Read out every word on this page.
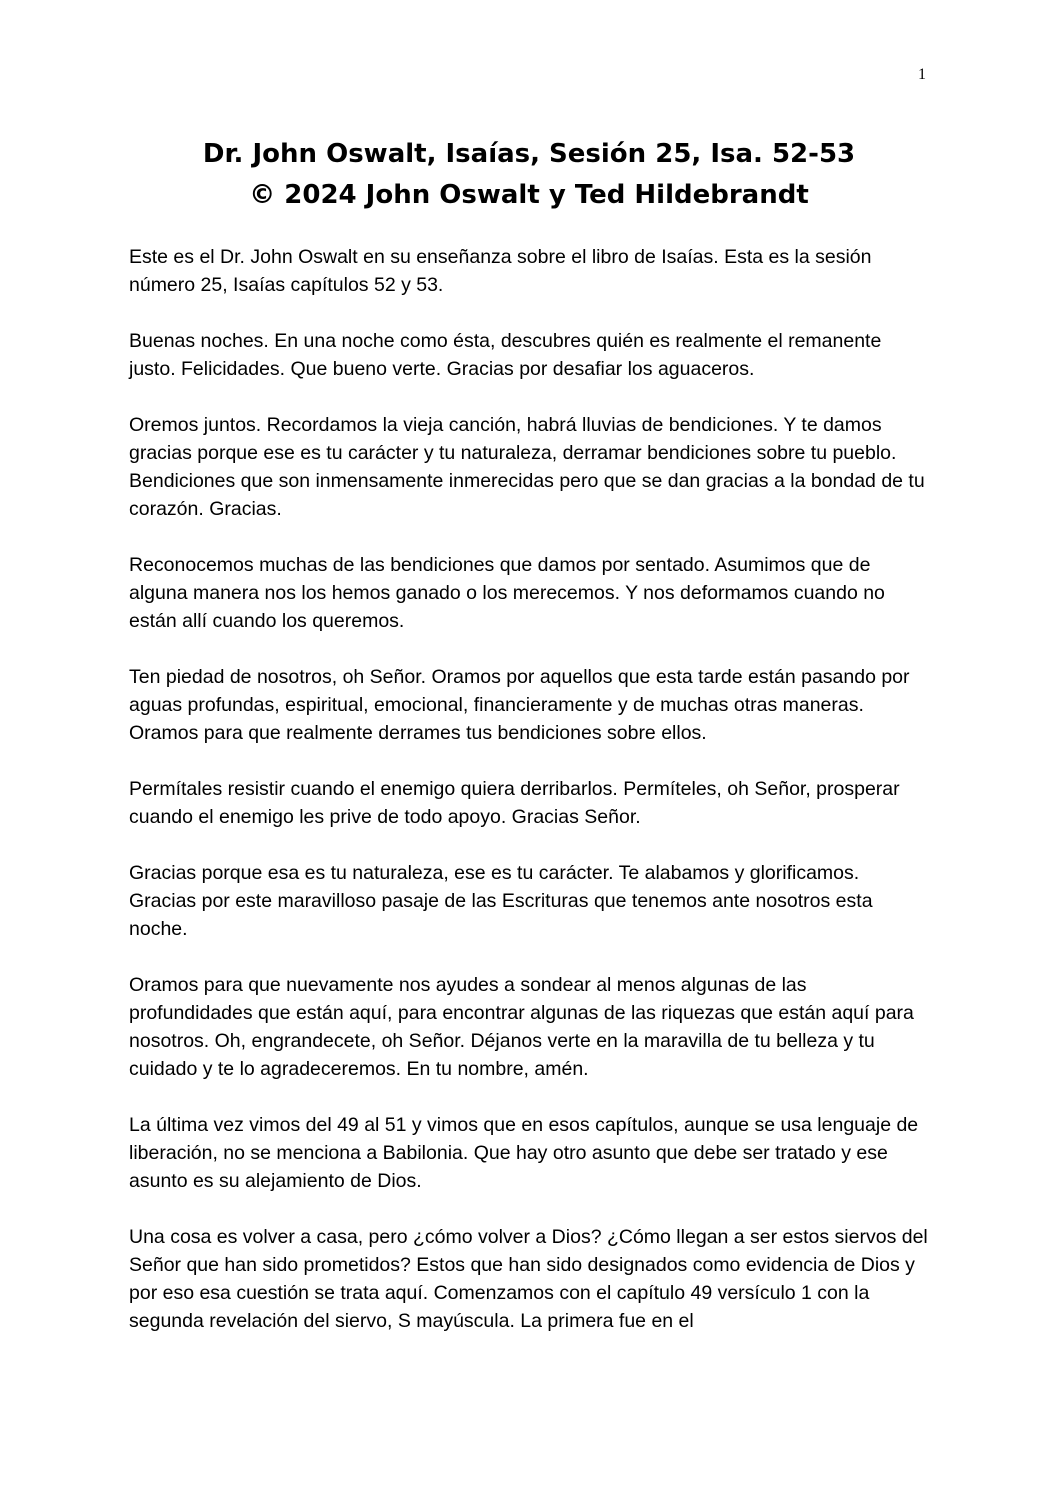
1
Dr. John Oswalt, Isaías, Sesión 25, Isa. 52-53
© 2024 John Oswalt y Ted Hildebrandt

Este es el Dr. John Oswalt en su enseñanza sobre el libro de Isaías. Esta es la sesión número 25, Isaías capítulos 52 y 53.

Buenas noches. En una noche como ésta, descubres quién es realmente el remanente justo. Felicidades. Que bueno verte. Gracias por desafiar los aguaceros.

Oremos juntos. Recordamos la vieja canción, habrá lluvias de bendiciones. Y te damos gracias porque ese es tu carácter y tu naturaleza, derramar bendiciones sobre tu pueblo. Bendiciones que son inmensamente inmerecidas pero que se dan gracias a la bondad de tu corazón. Gracias.

Reconocemos muchas de las bendiciones que damos por sentado. Asumimos que de alguna manera nos los hemos ganado o los merecemos. Y nos deformamos cuando no están allí cuando los queremos.

Ten piedad de nosotros, oh Señor. Oramos por aquellos que esta tarde están pasando por aguas profundas, espiritual, emocional, financieramente y de muchas otras maneras. Oramos para que realmente derrames tus bendiciones sobre ellos.

Permítales resistir cuando el enemigo quiera derribarlos. Permíteles, oh Señor, prosperar cuando el enemigo les prive de todo apoyo. Gracias Señor.

Gracias porque esa es tu naturaleza, ese es tu carácter. Te alabamos y glorificamos. Gracias por este maravilloso pasaje de las Escrituras que tenemos ante nosotros esta noche.

Oramos para que nuevamente nos ayudes a sondear al menos algunas de las profundidades que están aquí, para encontrar algunas de las riquezas que están aquí para nosotros. Oh, engrandecete, oh Señor. Déjanos verte en la maravilla de tu belleza y tu cuidado y te lo agradeceremos. En tu nombre, amén.

La última vez vimos del 49 al 51 y vimos que en esos capítulos, aunque se usa lenguaje de liberación, no se menciona a Babilonia. Que hay otro asunto que debe ser tratado y ese asunto es su alejamiento de Dios.

Una cosa es volver a casa, pero ¿cómo volver a Dios? ¿Cómo llegan a ser estos siervos del Señor que han sido prometidos? Estos que han sido designados como evidencia de Dios y por eso esa cuestión se trata aquí. Comenzamos con el capítulo 49 versículo 1 con la segunda revelación del siervo, S mayúscula. La primera fue en el
